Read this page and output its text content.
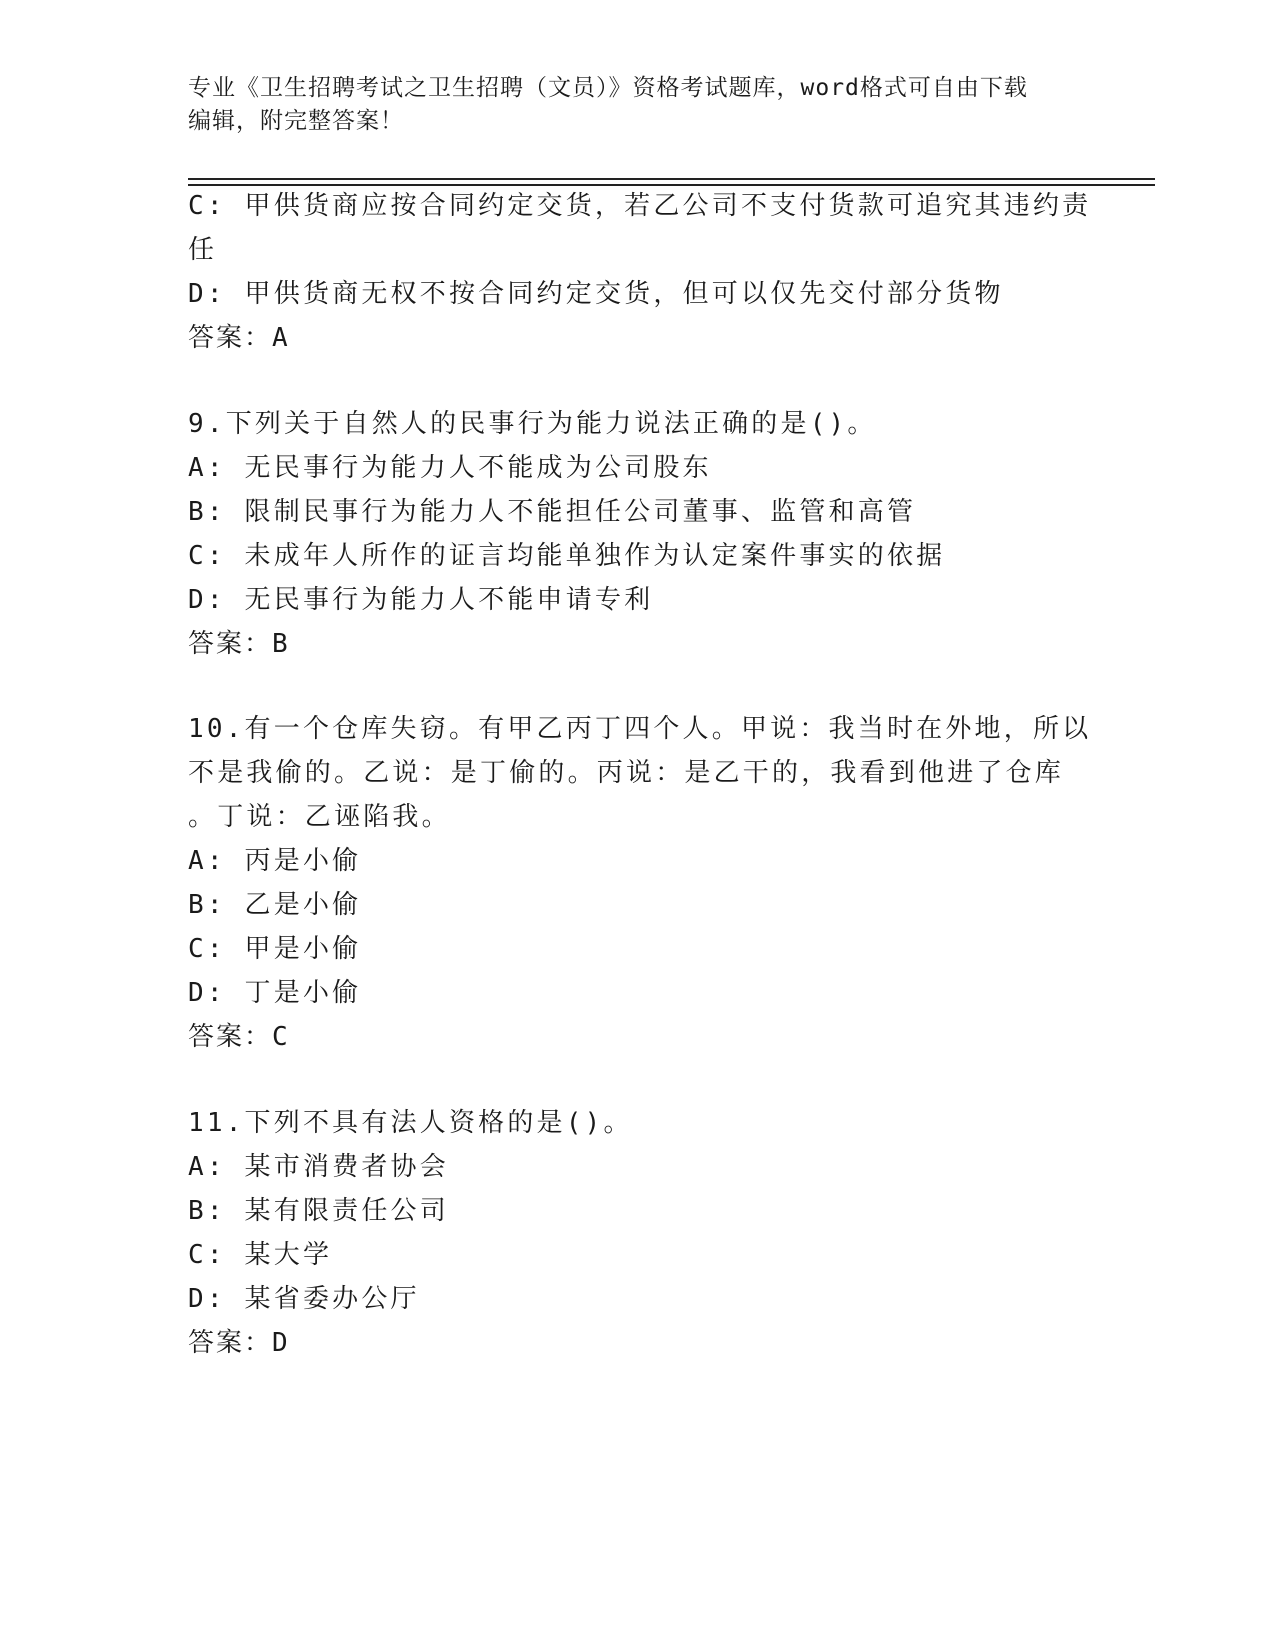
专业《卫生招聘考试之卫生招聘（文员）》资格考试题库，word格式可自由下载
编辑，附完整答案！
C: 甲供货商应按合同约定交货，若乙公司不支付货款可追究其违约责
任
D: 甲供货商无权不按合同约定交货，但可以仅先交付部分货物
答案：A
9.下列关于自然人的民事行为能力说法正确的是()。
A: 无民事行为能力人不能成为公司股东
B: 限制民事行为能力人不能担任公司董事、监管和高管
C: 未成年人所作的证言均能单独作为认定案件事实的依据
D: 无民事行为能力人不能申请专利
答案：B
10.有一个仓库失窃。有甲乙丙丁四个人。甲说：我当时在外地，所以
不是我偷的。乙说：是丁偷的。丙说：是乙干的，我看到他进了仓库
。丁说：乙诬陷我。
A: 丙是小偷
B: 乙是小偷
C: 甲是小偷
D: 丁是小偷
答案：C
11.下列不具有法人资格的是()。
A: 某市消费者协会
B: 某有限责任公司
C: 某大学
D: 某省委办公厅
答案：D
